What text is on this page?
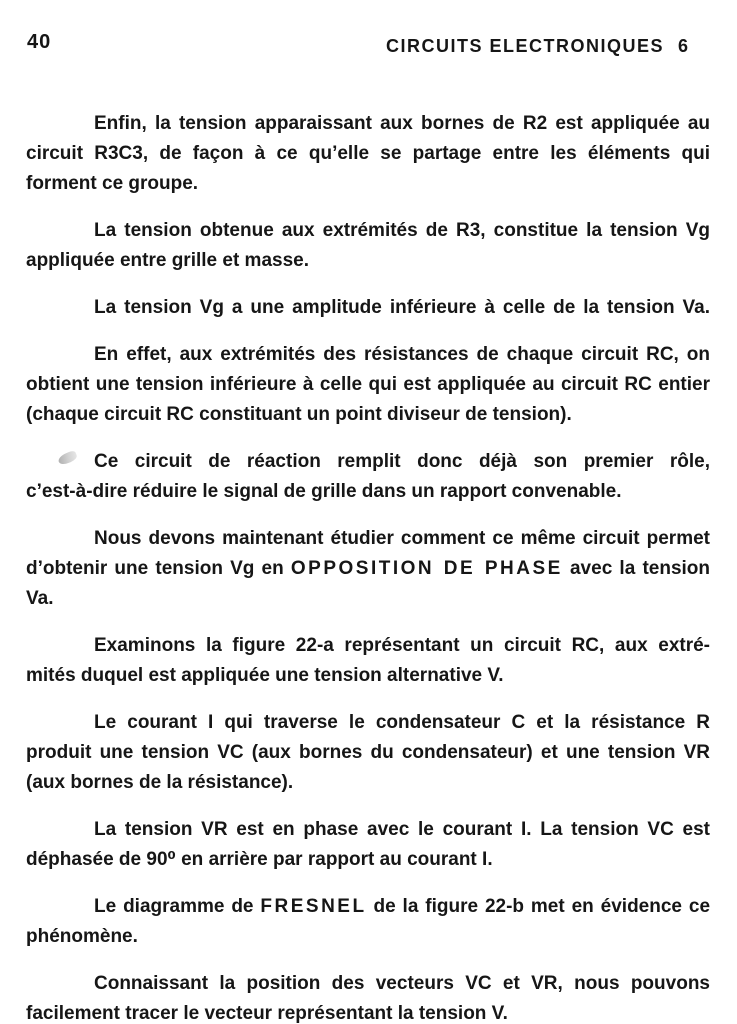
40	CIRCUITS ELECTRONIQUES 6
Enfin, la tension apparaissant aux bornes de R2 est appliquée au
circuit R3C3, de façon à ce qu’elle se partage entre les éléments qui
forment ce groupe.
La tension obtenue aux extrémités de R3, constitue la tension Vg
appliquée entre grille et masse.
La tension Vg a une amplitude inférieure à celle de la tension Va.
En effet, aux extrémités des résistances de chaque circuit RC, on
obtient une tension inférieure à celle qui est appliquée au circuit RC entier
(chaque circuit RC constituant un point diviseur de tension).
Ce circuit de réaction remplit donc déjà son premier rôle,
c’est-à-dire réduire le signal de grille dans un rapport convenable.
Nous devons maintenant étudier comment ce même circuit permet
d’obtenir une tension Vg en OPPOSITION DE PHASE avec la tension Va.
Examinons la figure 22-a représentant un circuit RC, aux extré-
mités duquel est appliquée une tension alternative V.
Le courant I qui traverse le condensateur C et la résistance R
produit une tension VC (aux bornes du condensateur) et une tension VR
(aux bornes de la résistance).
La tension VR est en phase avec le courant I. La tension VC est
déphasée de 90⁰ en arrière par rapport au courant I.
Le diagramme de FRESNEL de la figure 22-b met en évidence ce
phénomène.
Connaissant la position des vecteurs VC et VR, nous pouvons
facilement tracer le vecteur représentant la tension V.
